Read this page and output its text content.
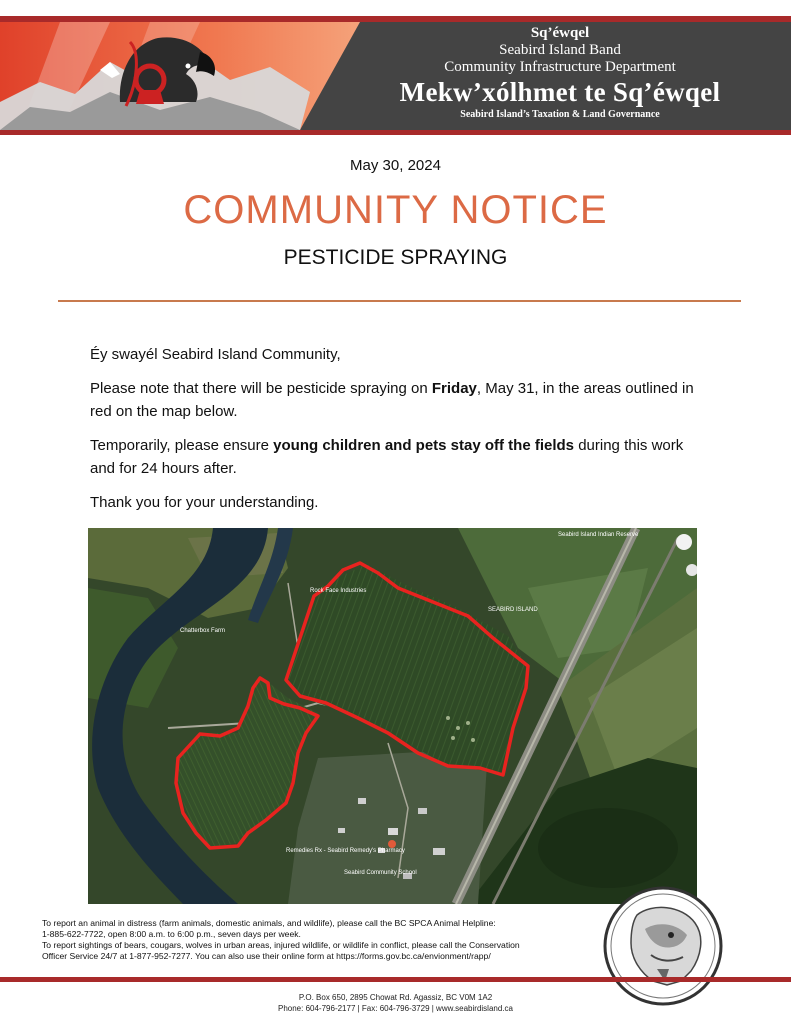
Sq’éwqel
Seabird Island Band
Community Infrastructure Department
Mekw’xólhmet te Sq’éwqel
Seabird Island’s Taxation & Land Governance
May 30, 2024
COMMUNITY NOTICE
PESTICIDE SPRAYING

Éy swayél Seabird Island Community,

Please note that there will be pesticide spraying on Friday, May 31, in the areas outlined in red on the map below.

Temporarily, please ensure young children and pets stay off the fields during this work and for 24 hours after.

Thank you for your understanding.

Rock Face Industries
Seabird Island Indian Reserve
SEABIRD ISLAND
Chatterbox Farm
Remedies Rx - Seabird Remedy's Pharmacy
Seabird Community School
To report an animal in distress (farm animals, domestic animals, and wildlife), please call the BC SPCA Animal Helpline:
1-885-622-7722, open 8:00 a.m. to 6:00 p.m., seven days per week.
To report sightings of bears, cougars, wolves in urban areas, injured wildlife, or wildlife in conflict, please call the Conservation
Officer Service 24/7 at 1-877-952-7277. You can also use their online form at https://forms.gov.bc.ca/envionment/rapp/
P.O. Box 650, 2895 Chowat Rd. Agassiz, BC V0M 1A2
Phone: 604-796-2177 | Fax: 604-796-3729 | www.seabirdisland.ca
